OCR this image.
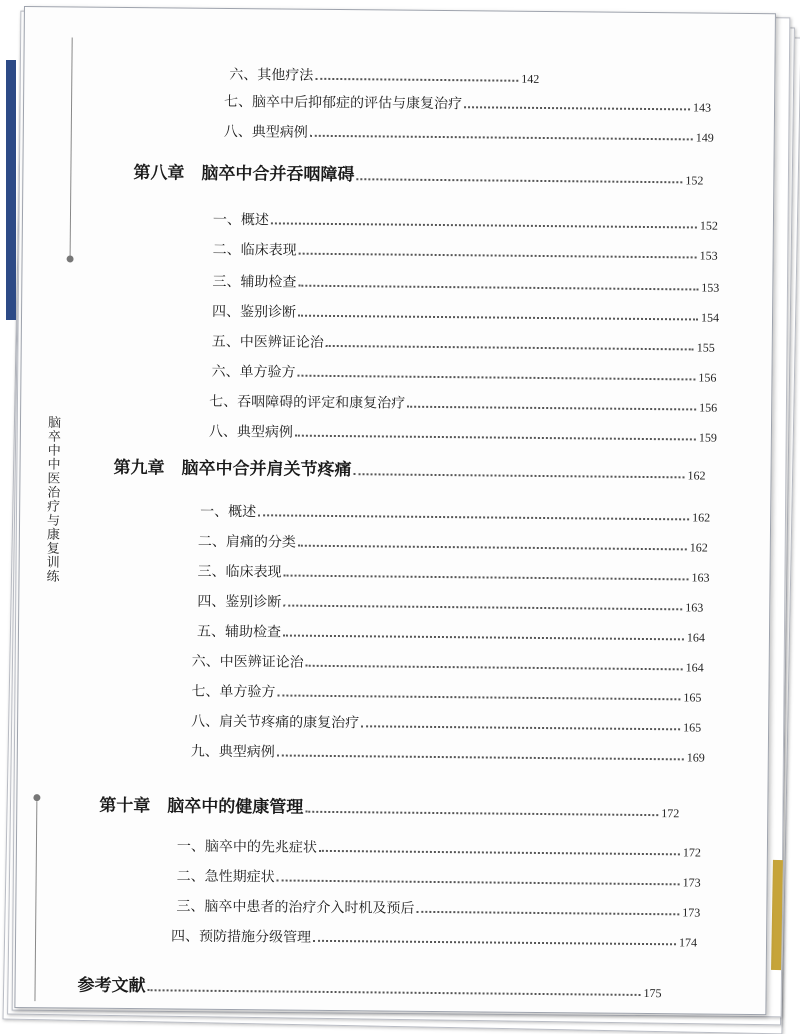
脑卒中中医治疗与康复训练
六、其他疗法	142
七、脑卒中后抑郁症的评估与康复治疗	143
八、典型病例	149
第八章　脑卒中合并吞咽障碍	152
一、概述	152
二、临床表现	153
三、辅助检查	153
四、鉴别诊断	154
五、中医辨证论治	155
六、单方验方	156
七、吞咽障碍的评定和康复治疗	156
八、典型病例	159
第九章　脑卒中合并肩关节疼痛	162
一、概述	162
二、肩痛的分类	162
三、临床表现	163
四、鉴别诊断	163
五、辅助检查	164
六、中医辨证论治	164
七、单方验方	165
八、肩关节疼痛的康复治疗	165
九、典型病例	169
第十章　脑卒中的健康管理	172
一、脑卒中的先兆症状	172
二、急性期症状	173
三、脑卒中患者的治疗介入时机及预后	173
四、预防措施分级管理	174
参考文献	175
